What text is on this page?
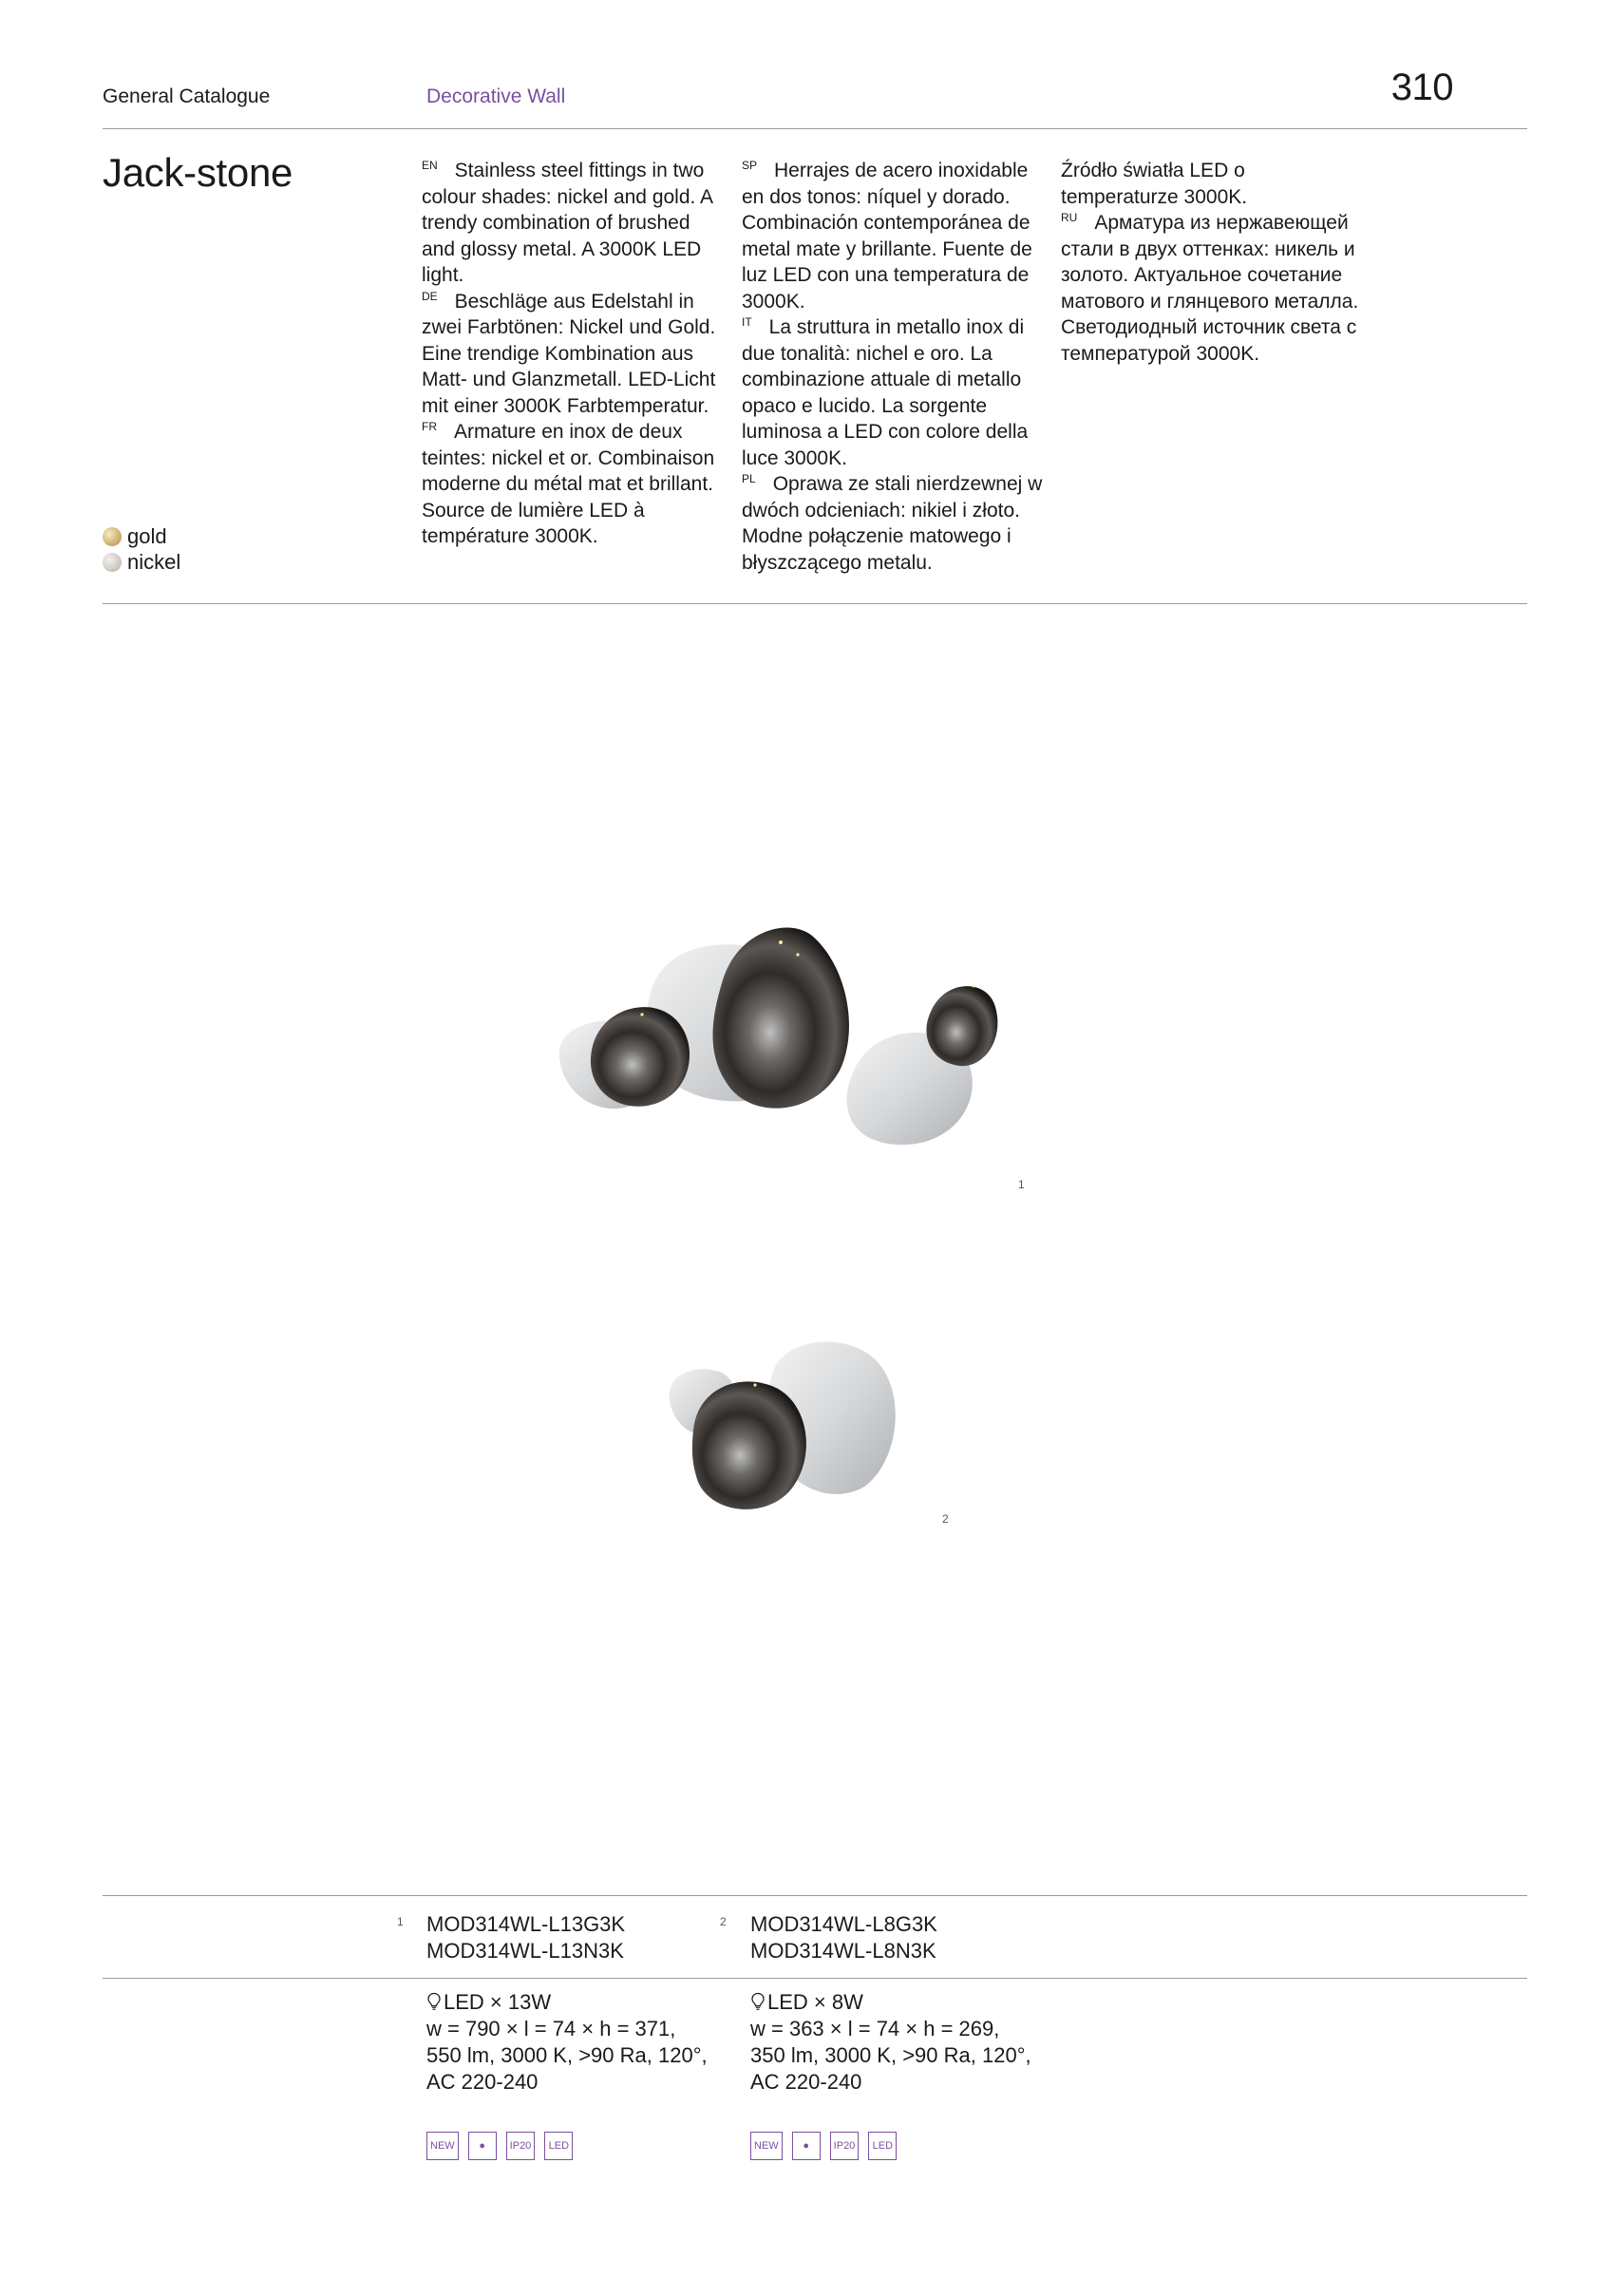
General Catalogue	Decorative Wall	310
Jack-stone	$^{EN}$ Stainless steel fittings in two colour shades: nickel and gold. A trendy combination of brushed and glossy metal. A 3000K LED light.

$^{DE}$ Beschläge aus Edelstahl in zwei Farbtönen: Nickel und Gold. Eine trendige Kombination aus Matt- und Glanzmetall. LED-Licht mit einer 3000K Farbtemperatur.

$^{FR}$ Armature en inox de deux teintes: nickel et or. Combinaison moderne du métal mat et brillant. Source de lumière LED à température 3000K.

$^{SP}$ Herrajes de acero inoxidable en dos tonos: níquel y dorado. Combinación contemporánea de metal mate y brillante. Fuente de luz LED con una temperatura de 3000K.

$^{IT}$ La struttura in metallo inox di due tonalità: nichel e oro. La combinazione attuale di metallo opaco e lucido. La sorgente luminosa a LED con colore della luce 3000K.

$^{PL}$ Oprawa ze stali nierdzewnej w dwóch odcieniach: nikiel i złoto. Modne połączenie matowego i błyszczącego metalu.

Źródło światła LED o temperaturze 3000K.

$^{RU}$ Арматура из нержавеющей стали в двух оттенках: никель и золото. Актуальное сочетание матового и глянцевого металла. Светодиодный источник света с температурой 3000K.

gold
nickel
1
2
1 MOD314WL-L13G3K
MOD314WL-L13N3K
2 MOD314WL-L8G3K
MOD314WL-L8N3K
LED × 13W
w = 790 × l = 74 × h = 371,
550 lm, 3000 K, >90 Ra, 120°,
AC 220-240
NEW	●	IP20	LED
LED × 8W
w = 363 × l = 74 × h = 269,
350 lm, 3000 K, >90 Ra, 120°,
AC 220-240
NEW	●	IP20	LED
